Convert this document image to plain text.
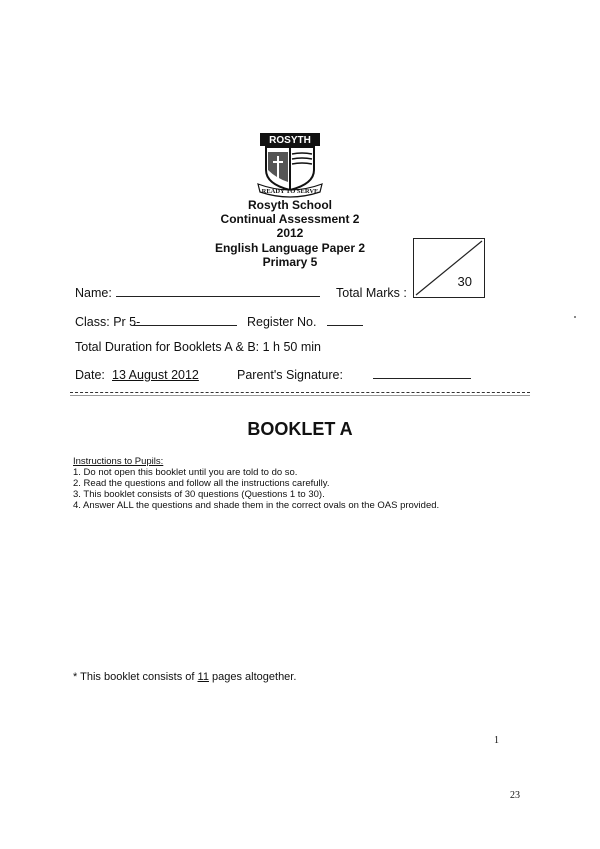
ROSYTH
READY TO SERVE
Rosyth School
Continual Assessment 2
2012
English Language Paper 2
Primary 5
30
Name:	Total Marks :
Class: Pr 5-	Register No.
Total Duration for Booklets A & B: 1 h 50 min
Date: 13 August 2012	Parent's Signature:
BOOKLET A
Instructions to Pupils:
1. Do not open this booklet until you are told to do so.
2. Read the questions and follow all the instructions carefully.
3. This booklet consists of 30 questions (Questions 1 to 30).
4. Answer ALL the questions and shade them in the correct ovals on the OAS provided.
* This booklet consists of 11 pages altogether.
1
23
